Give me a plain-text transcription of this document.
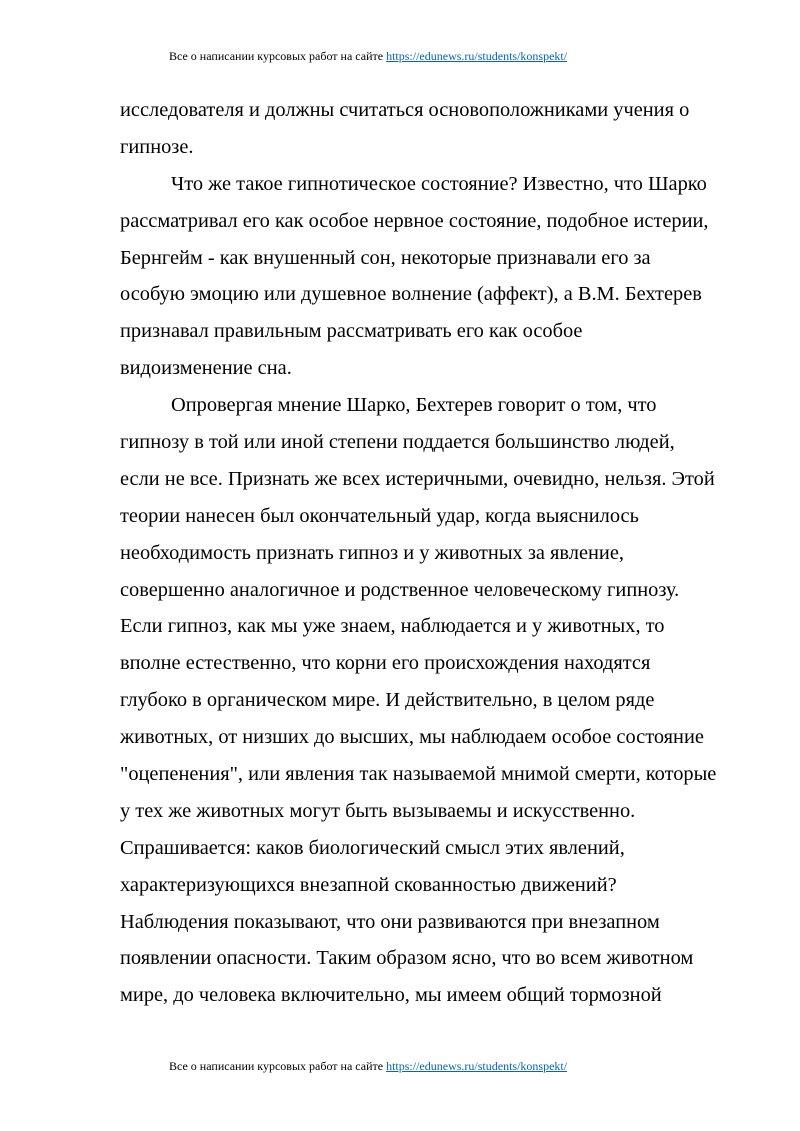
Все о написании курсовых работ на сайте https://edunews.ru/students/konspekt/
исследователя и должны считаться основоположниками учения о
гипнозе.
Что же такое гипнотическое состояние? Известно, что Шарко
рассматривал его как особое нервное состояние, подобное истерии,
Бернгейм - как внушенный сон, некоторые признавали его за
особую эмоцию или душевное волнение (аффект), а В.М. Бехтерев
признавал правильным рассматривать его как особое
видоизменение сна.
Опровергая мнение Шарко, Бехтерев говорит о том, что
гипнозу в той или иной степени поддается большинство людей,
если не все. Признать же всех истеричными, очевидно, нельзя. Этой
теории нанесен был окончательный удар, когда выяснилось
необходимость признать гипноз и у животных за явление,
совершенно аналогичное и родственное человеческому гипнозу.
Если гипноз, как мы уже знаем, наблюдается и у животных, то
вполне естественно, что корни его происхождения находятся
глубоко в органическом мире. И действительно, в целом ряде
животных, от низших до высших, мы наблюдаем особое состояние
"оцепенения", или явления так называемой мнимой смерти, которые
у тех же животных могут быть вызываемы и искусственно.
Спрашивается: каков биологический смысл этих явлений,
характеризующихся внезапной скованностью движений?
Наблюдения показывают, что они развиваются при внезапном
появлении опасности. Таким образом ясно, что во всем животном
мире, до человека включительно, мы имеем общий тормозной
Все о написании курсовых работ на сайте https://edunews.ru/students/konspekt/
